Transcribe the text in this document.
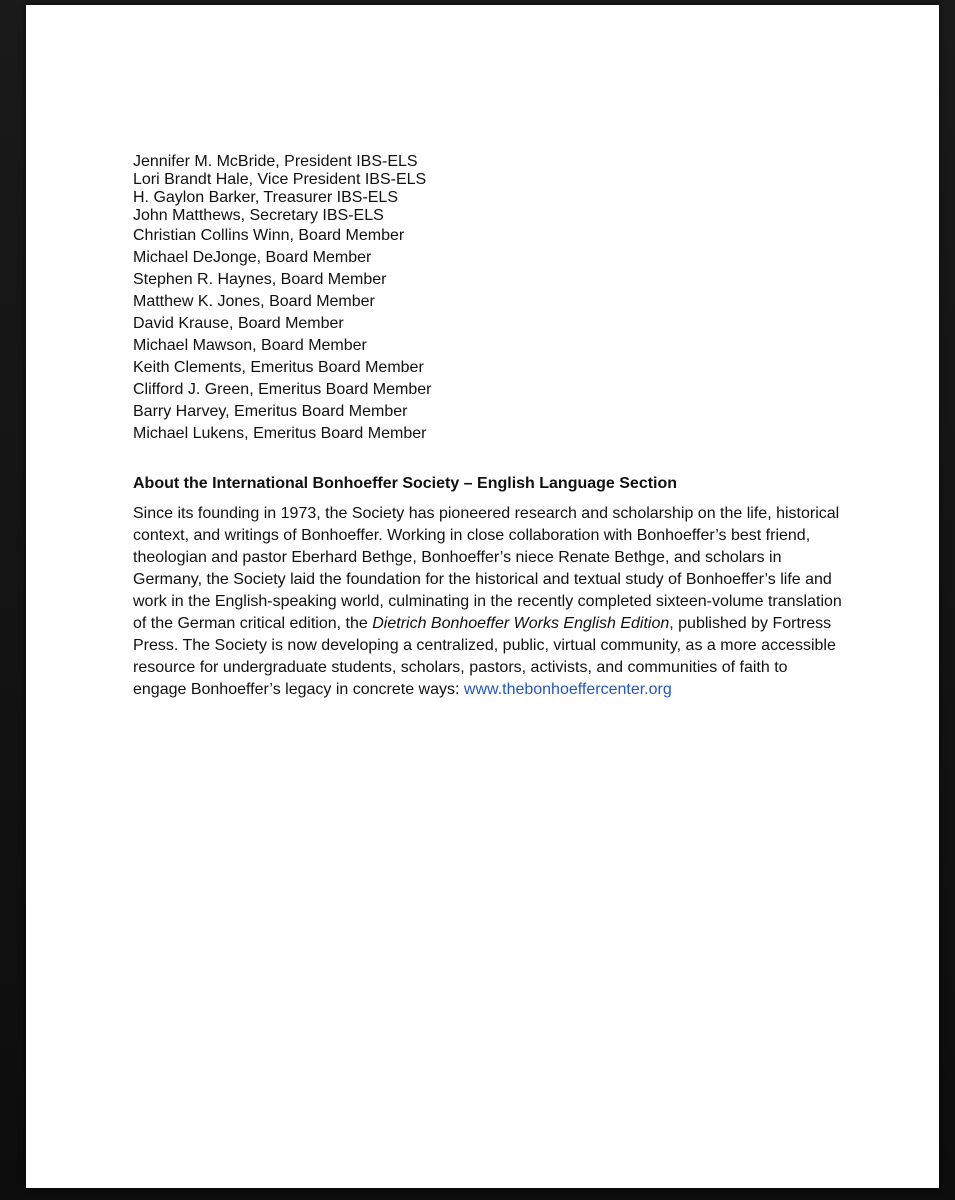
Jennifer M. McBride, President IBS-ELS
Lori Brandt Hale, Vice President IBS-ELS
H. Gaylon Barker, Treasurer IBS-ELS
John Matthews, Secretary IBS-ELS
Christian Collins Winn, Board Member
Michael DeJonge, Board Member
Stephen R. Haynes, Board Member
Matthew K. Jones, Board Member
David Krause, Board Member
Michael Mawson, Board Member
Keith Clements, Emeritus Board Member
Clifford J. Green, Emeritus Board Member
Barry Harvey, Emeritus Board Member
Michael Lukens, Emeritus Board Member
About the International Bonhoeffer Society – English Language Section

Since its founding in 1973, the Society has pioneered research and scholarship on the life, historical context, and writings of Bonhoeffer. Working in close collaboration with Bonhoeffer’s best friend, theologian and pastor Eberhard Bethge, Bonhoeffer’s niece Renate Bethge, and scholars in Germany, the Society laid the foundation for the historical and textual study of Bonhoeffer’s life and work in the English-speaking world, culminating in the recently completed sixteen-volume translation of the German critical edition, the Dietrich Bonhoeffer Works English Edition, published by Fortress Press. The Society is now developing a centralized, public, virtual community, as a more accessible resource for undergraduate students, scholars, pastors, activists, and communities of faith to engage Bonhoeffer’s legacy in concrete ways: www.thebonhoeffercenter.org
